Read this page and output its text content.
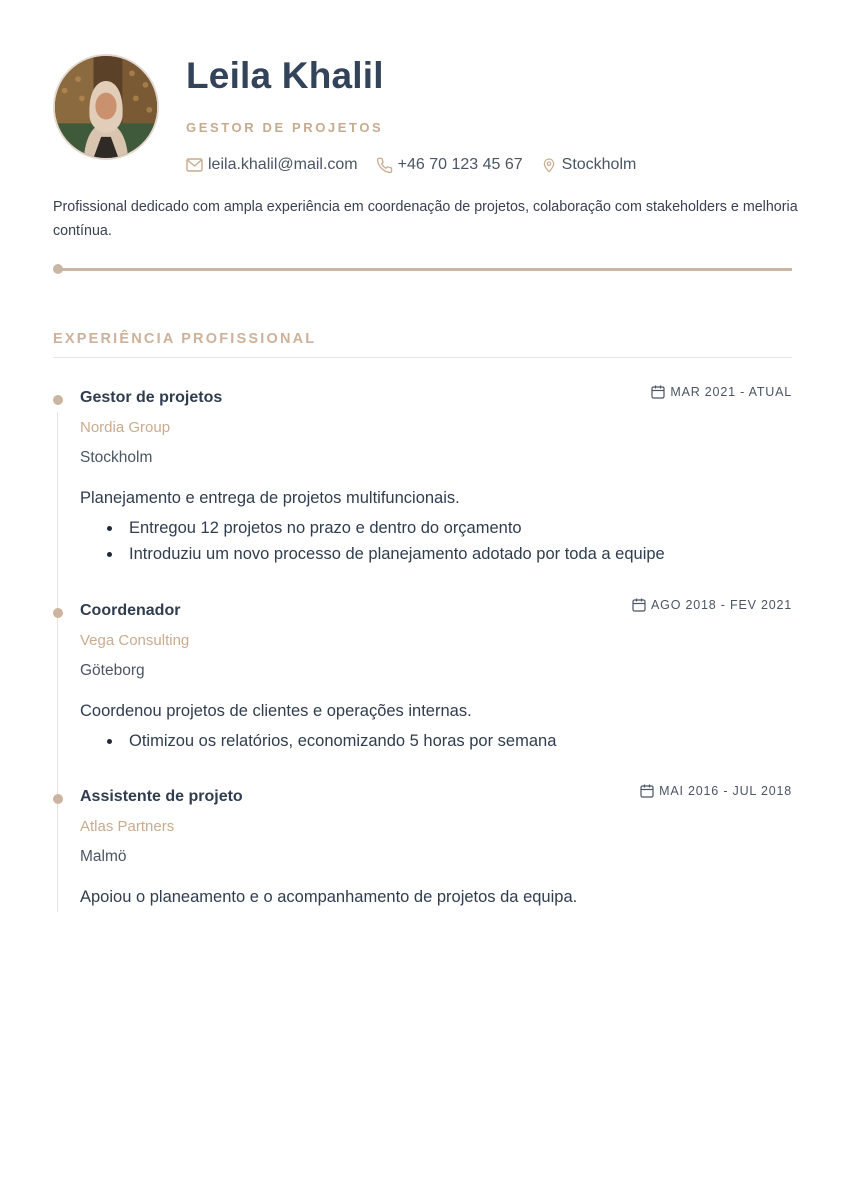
Leila Khalil
GESTOR DE PROJETOS
leila.khalil@mail.com	+46 70 123 45 67 Stockholm
Profissional dedicado com ampla experiência em coordenação de projetos, colaboração com stakeholders e melhoria contínua.
EXPERIÊNCIA PROFISSIONAL
Gestor de projetos	MAR 2021 - ATUAL
Nordia Group
Stockholm
Planejamento e entrega de projetos multifuncionais.
Entregou 12 projetos no prazo e dentro do orçamento
Introduziu um novo processo de planejamento adotado por toda a equipe
Coordenador	AGO 2018 - FEV 2021
Vega Consulting
Göteborg
Coordenou projetos de clientes e operações internas.
Otimizou os relatórios, economizando 5 horas por semana
Assistente de projeto	MAI 2016 - JUL 2018
Atlas Partners
Malmö
Apoiou o planeamento e o acompanhamento de projetos da equipa.
